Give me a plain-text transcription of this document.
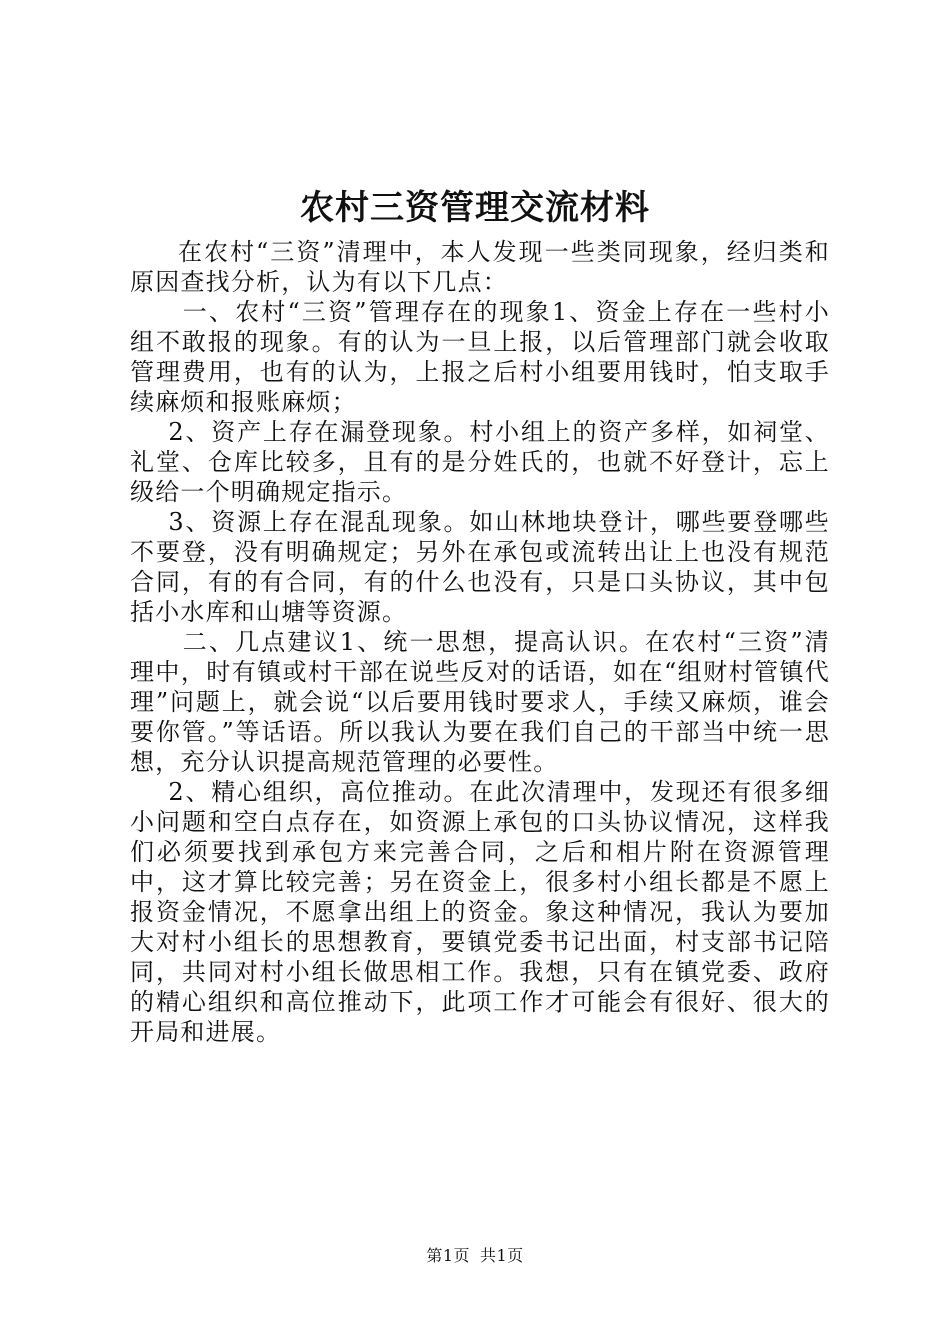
农村三资管理交流材料

在农村“三资”清理中，本人发现一些类同现象，经归类和原因查找分析，认为有以下几点：

一、农村“三资”管理存在的现象1、资金上存在一些村小组不敢报的现象。有的认为一旦上报，以后管理部门就会收取管理费用，也有的认为，上报之后村小组要用钱时，怕支取手续麻烦和报账麻烦；

2、资产上存在漏登现象。村小组上的资产多样，如祠堂、礼堂、仓库比较多，且有的是分姓氏的，也就不好登计，忘上级给一个明确规定指示。

3、资源上存在混乱现象。如山林地块登计，哪些要登哪些不要登，没有明确规定；另外在承包或流转出让上也没有规范合同，有的有合同，有的什么也没有，只是口头协议，其中包括小水库和山塘等资源。

二、几点建议1、统一思想，提高认识。在农村“三资”清理中，时有镇或村干部在说些反对的话语，如在“组财村管镇代理”问题上，就会说“以后要用钱时要求人，手续又麻烦，谁会要你管。”等话语。所以我认为要在我们自己的干部当中统一思想，充分认识提高规范管理的必要性。

2、精心组织，高位推动。在此次清理中，发现还有很多细小问题和空白点存在，如资源上承包的口头协议情况，这样我们必须要找到承包方来完善合同，之后和相片附在资源管理中，这才算比较完善；另在资金上，很多村小组长都是不愿上报资金情况，不愿拿出组上的资金。象这种情况，我认为要加大对村小组长的思想教育，要镇党委书记出面，村支部书记陪同，共同对村小组长做思相工作。我想，只有在镇党委、政府的精心组织和高位推动下，此项工作才可能会有很好、很大的开局和进展。

第1页 共1页
